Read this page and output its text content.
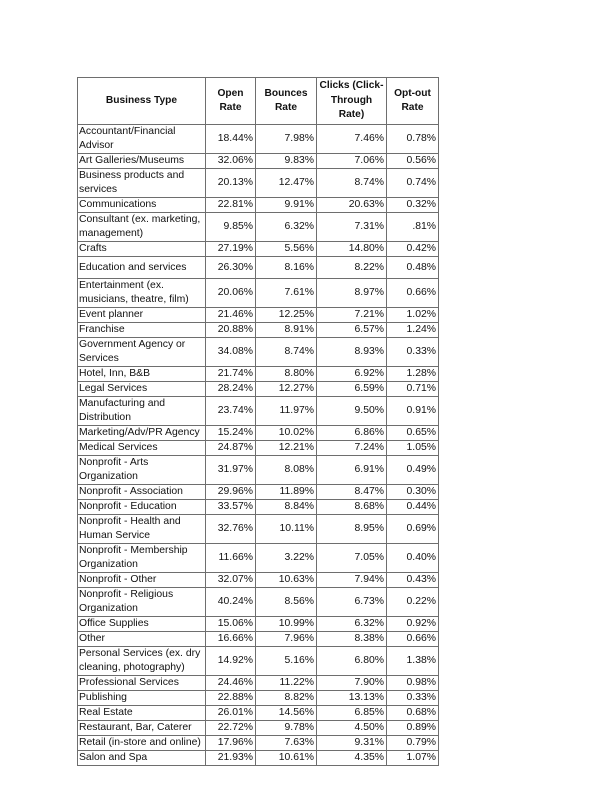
Business Type	Open Rate	Bounces Rate	Clicks (Click-Through Rate)	Opt-out Rate
Accountant/Financial Advisor	18.44%	7.98%	7.46%	0.78%
Art Galleries/Museums	32.06%	9.83%	7.06%	0.56%
Business products and services	20.13%	12.47%	8.74%	0.74%
Communications	22.81%	9.91%	20.63%	0.32%
Consultant (ex. marketing, management)	9.85%	6.32%	7.31%	.81%
Crafts	27.19%	5.56%	14.80%	0.42%
Education and services	26.30%	8.16%	8.22%	0.48%
Entertainment (ex. musicians, theatre, film)	20.06%	7.61%	8.97%	0.66%
Event planner	21.46%	12.25%	7.21%	1.02%
Franchise	20.88%	8.91%	6.57%	1.24%
Government Agency or Services	34.08%	8.74%	8.93%	0.33%
Hotel, Inn, B&B	21.74%	8.80%	6.92%	1.28%
Legal Services	28.24%	12.27%	6.59%	0.71%
Manufacturing and Distribution	23.74%	11.97%	9.50%	0.91%
Marketing/Adv/PR Agency	15.24%	10.02%	6.86%	0.65%
Medical Services	24.87%	12.21%	7.24%	1.05%
Nonprofit - Arts Organization	31.97%	8.08%	6.91%	0.49%
Nonprofit - Association	29.96%	11.89%	8.47%	0.30%
Nonprofit - Education	33.57%	8.84%	8.68%	0.44%
Nonprofit - Health and Human Service	32.76%	10.11%	8.95%	0.69%
Nonprofit - Membership Organization	11.66%	3.22%	7.05%	0.40%
Nonprofit - Other	32.07%	10.63%	7.94%	0.43%
Nonprofit - Religious Organization	40.24%	8.56%	6.73%	0.22%
Office Supplies	15.06%	10.99%	6.32%	0.92%
Other	16.66%	7.96%	8.38%	0.66%
Personal Services (ex. dry cleaning, photography)	14.92%	5.16%	6.80%	1.38%
Professional Services	24.46%	11.22%	7.90%	0.98%
Publishing	22.88%	8.82%	13.13%	0.33%
Real Estate	26.01%	14.56%	6.85%	0.68%
Restaurant, Bar, Caterer	22.72%	9.78%	4.50%	0.89%
Retail (in-store and online)	17.96%	7.63%	9.31%	0.79%
Salon and Spa	21.93%	10.61%	4.35%	1.07%
